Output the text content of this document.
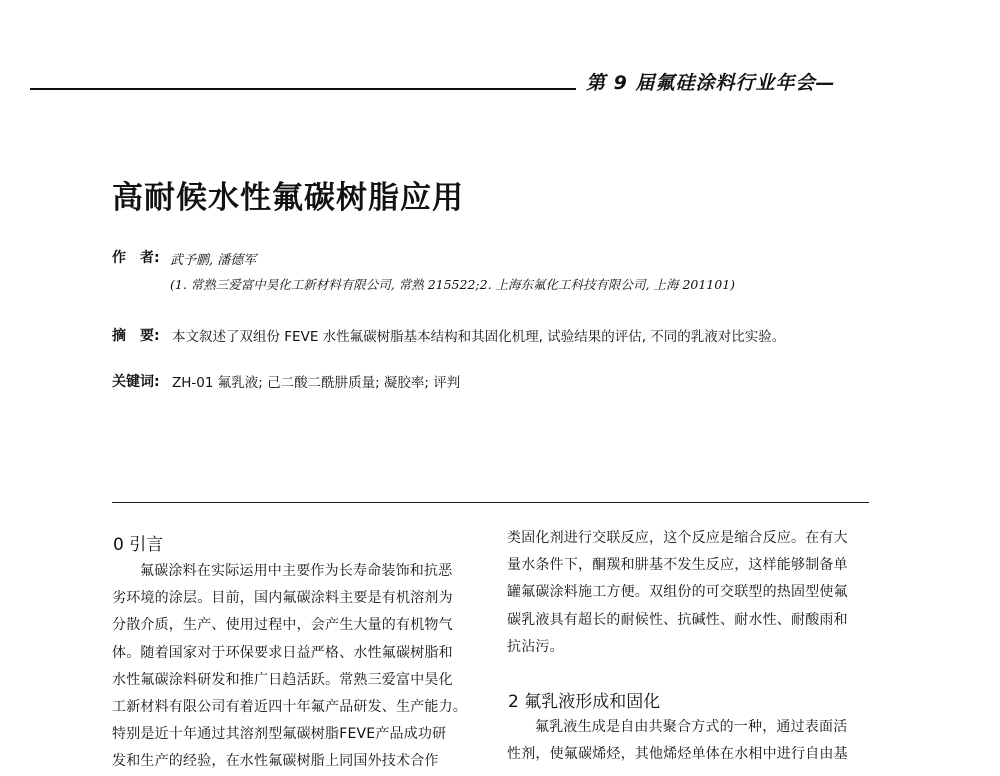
第 9 届氟硅涂料行业年会—
高耐候水性氟碳树脂应用
作　者: 武予鹏, 潘德军
(1. 常熟三爱富中昊化工新材料有限公司, 常熟 215522;2. 上海东氟化工科技有限公司, 上海 201101)
摘　要: 本文叙述了双组份 FEVE 水性氟碳树脂基本结构和其固化机理, 试验结果的评估, 不同的乳液对比实验。
关键词: ZH-01 氟乳液; 己二酸二酰肼质量; 凝胶率; 评判
0 引言
氟碳涂料在实际运用中主要作为长寿命装饰和抗恶
劣环境的涂层。目前，国内氟碳涂料主要是有机溶剂为
分散介质，生产、使用过程中，会产生大量的有机物气
体。随着国家对于环保要求日益严格、水性氟碳树脂和
水性氟碳涂料研发和推广日趋活跃。常熟三爱富中昊化
工新材料有限公司有着近四十年氟产品研发、生产能力。
特别是近十年通过其溶剂型氟碳树脂FEVE产品成功研
发和生产的经验，在水性氟碳树脂上同国外技术合作
类固化剂进行交联反应，这个反应是缩合反应。在有大
量水条件下，酮羰和肼基不发生反应，这样能够制备单
罐氟碳涂料施工方便。双组份的可交联型的热固型使氟
碳乳液具有超长的耐候性、抗碱性、耐水性、耐酸雨和
抗沾污。
2 氟乳液形成和固化
氟乳液生成是自由共聚合方式的一种，通过表面活
性剂，使氟碳烯烃，其他烯烃单体在水相中进行自由基
